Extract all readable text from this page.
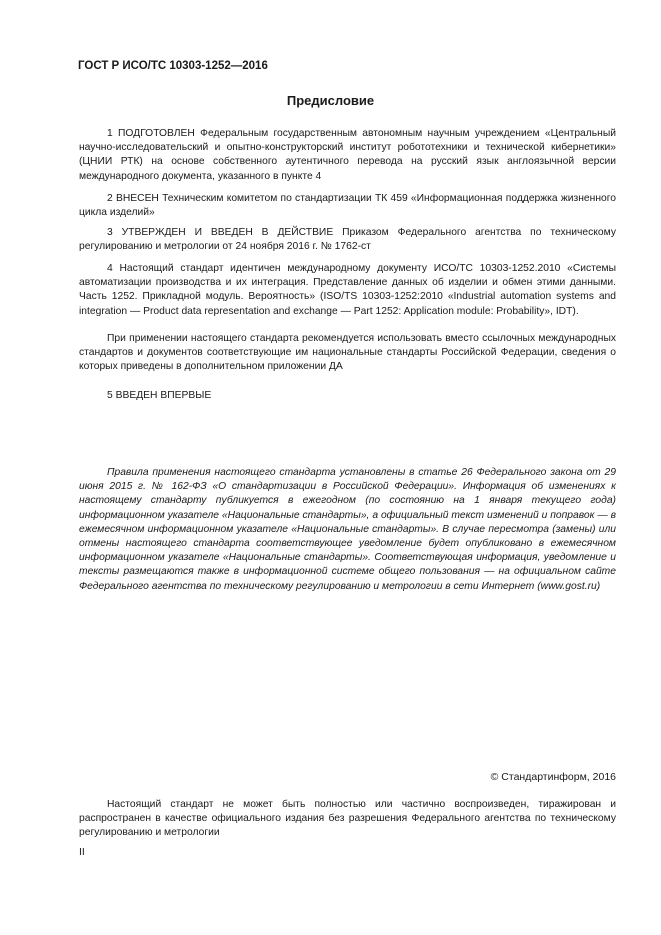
ГОСТ Р ИСО/ТС 10303-1252—2016
Предисловие

1 ПОДГОТОВЛЕН Федеральным государственным автономным научным учреждением «Центральный научно-исследовательский и опытно-конструкторский институт робототехники и технической кибернетики» (ЦНИИ РТК) на основе собственного аутентичного перевода на русский язык англоязычной версии международного документа, указанного в пункте 4

2 ВНЕСЕН Техническим комитетом по стандартизации ТК 459 «Информационная поддержка жизненного цикла изделий»

3 УТВЕРЖДЕН И ВВЕДЕН В ДЕЙСТВИЕ Приказом Федерального агентства по техническому регулированию и метрологии от 24 ноября 2016 г. № 1762-ст

4 Настоящий стандарт идентичен международному документу ИСО/ТС 10303-1252.2010 «Системы автоматизации производства и их интеграция. Представление данных об изделии и обмен этими данными. Часть 1252. Прикладной модуль. Вероятность» (ISO/TS 10303-1252:2010 «Industrial automation systems and integration — Product data representation and exchange — Part 1252: Application module: Probability», IDT).

При применении настоящего стандарта рекомендуется использовать вместо ссылочных международных стандартов и документов соответствующие им национальные стандарты Российской Федерации, сведения о которых приведены в дополнительном приложении ДА

5 ВВЕДЕН ВПЕРВЫЕ

Правила применения настоящего стандарта установлены в статье 26 Федерального закона от 29 июня 2015 г. № 162-ФЗ «О стандартизации в Российской Федерации». Информация об изменениях к настоящему стандарту публикуется в ежегодном (по состоянию на 1 января текущего года) информационном указателе «Национальные стандарты», а официальный текст изменений и поправок — в ежемесячном информационном указателе «Национальные стандарты». В случае пересмотра (замены) или отмены настоящего стандарта соответствующее уведомление будет опубликовано в ежемесячном информационном указателе «Национальные стандарты». Соответствующая информация, уведомление и тексты размещаются также в информационной системе общего пользования — на официальном сайте Федерального агентства по техническому регулированию и метрологии в сети Интернет (www.gost.ru)

© Стандартинформ, 2016

Настоящий стандарт не может быть полностью или частично воспроизведен, тиражирован и распространен в качестве официального издания без разрешения Федерального агентства по техническому регулированию и метрологии

II
